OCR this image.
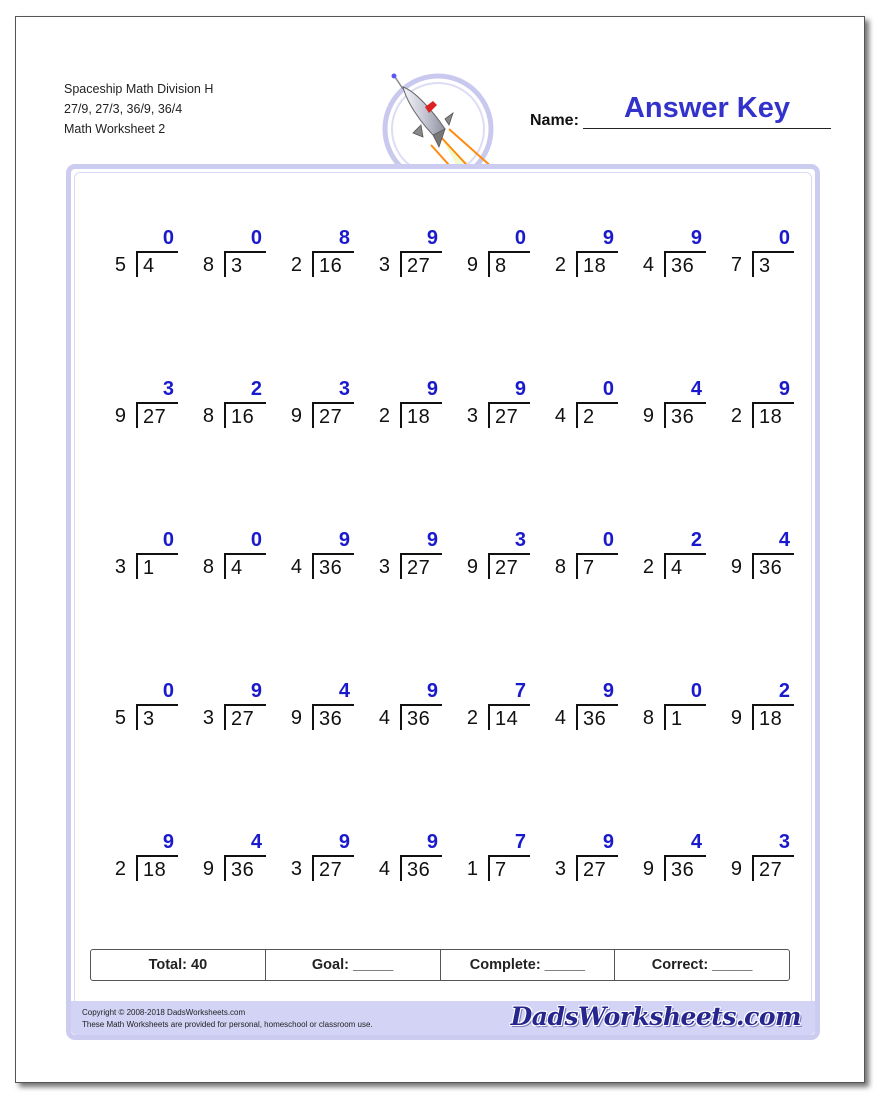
Spaceship Math Division H
27/9, 27/3, 36/9, 36/4
Math Worksheet 2	Name:	Answer Key
0
5 4
0
8 3
8
2 16
9
3 27
0
9 8
9
2 18
9
4 36
0
7 3
3
9 27
2
8 16
3
9 27
9
2 18
9
3 27
0
4 2
4
9 36
9
2 18
0
3 1
0
8 4
9
4 36
9
3 27
3
9 27
0
8 7
2
2 4
4
9 36
0
5 3
9
3 27
4
9 36
9
4 36
7
2 14
9
4 36
0
8 1
2
9 18
9
2 18
4
9 36
9
3 27
9
4 36
7
1 7
9
3 27
4
9 36
3
9 27
Total: 40	Goal: _____	Complete: _____	Correct: _____
Copyright © 2008-2018 DadsWorksheets.com
These Math Worksheets are provided for personal, homeschool or classroom use.	DadsWorksheets.com
